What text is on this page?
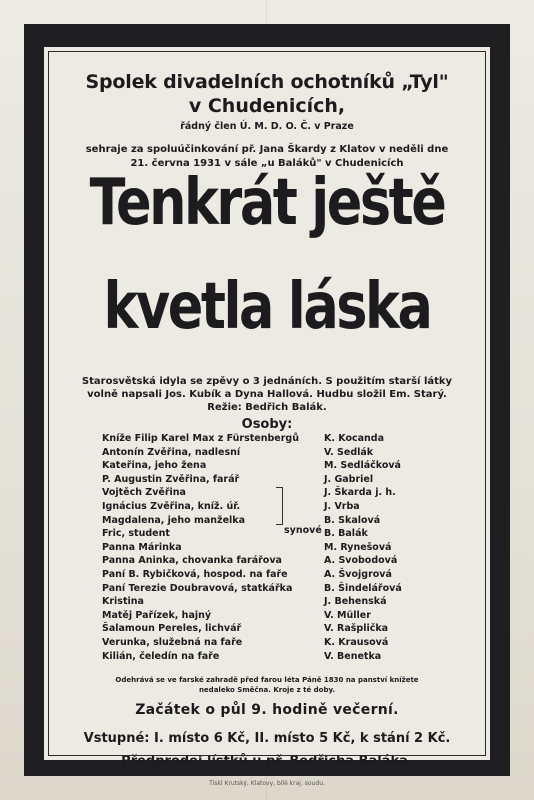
Spolek divadelních ochotníků „Tyl"
v Chudenicích,
řádný člen Ú. M. D. O. Č. v Praze
sehraje za spoluúčinkování př. Jana Škardy z Klatov v neděli dne
21. června 1931 v sále „u Baláků" v Chudenicích
Tenkrát ještě
kvetla láska
Starosvětská idyla se zpěvy o 3 jednáních. S použitím starší látky
volně napsali Jos. Kubík a Dyna Hallová. Hudbu složil Em. Starý.
Režie: Bedřich Balák.
Osoby:
Kníže Filip Karel Max z Fürstenbergů	K. Kocanda
Antonín Zvěřina, nadlesní	V. Sedlák
Kateřina, jeho žena	M. Sedláčková
P. Augustin Zvěřina, farář	J. Gabriel
Vojtěch Zvěřina	J. Škarda j. h.
Ignácius Zvěřina, kníž. úř.	J. Vrba
Magdalena, jeho manželka	B. Skalová
Fric, student	B. Balák
Panna Márinka	M. Rynešová
Panna Aninka, chovanka farářova	A. Svobodová
Paní B. Rybičková, hospod. na faře	A. Švojgrová
Paní Terezie Doubravová, statkářka	B. Šindelářová
Kristina	J. Behenská
Matěj Pařízek, hajný	V. Müller
Šalamoun Pereles, lichvář	V. Rašplička
Verunka, služebná na faře	K. Krausová
Kilián, čeledín na faře	V. Benetka
synové
Odehrává se ve farské zahradě před farou léta Páně 1830 na panství knížete
nedaleko Směčna. Kroje z té doby.
Začátek o půl 9. hodině večerní.
Vstupné: I. místo 6 Kč, II. místo 5 Kč, k stání 2 Kč.
Předprodej lístků u př. Bedřicha Baláka.
Tiskl Krutský, Klatovy, bílé kraj. soudu.
